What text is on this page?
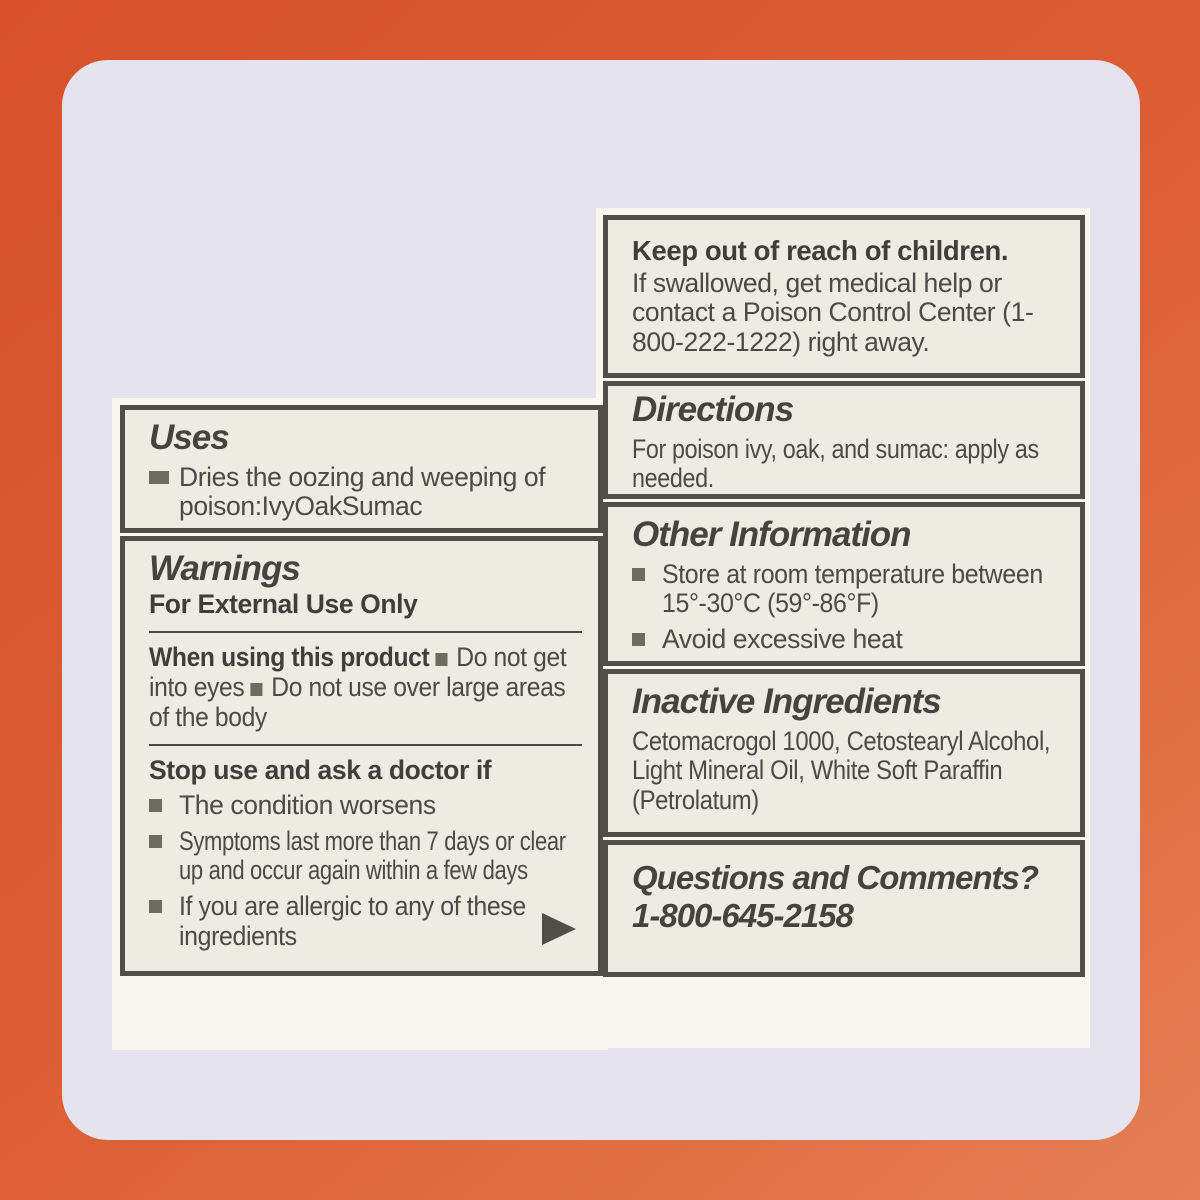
Uses
Dries the oozing and weeping of poison:
Ivy
Oak
Sumac
Warnings

For External Use Only

When using this product Do not get into eyes Do not use over large areas of the body

Stop use and ask a doctor if

The condition worsens
Symptoms last more than 7 days or clear up and occur again within a few days
If you are allergic to any of these ingredients

Keep out of reach of children.

If swallowed, get medical help or contact a Poison Control Center (1-800-222-1222) right away.

Directions

For poison ivy, oak, and sumac: apply as needed.

Other Information
Store at room temperature between 15°-30°C (59°-86°F)
Avoid excessive heat
Inactive Ingredients

Cetomacrogol 1000, Cetostearyl Alcohol, Light Mineral Oil, White Soft Paraffin (Petrolatum)

Questions and Comments?

1-800-645-2158
